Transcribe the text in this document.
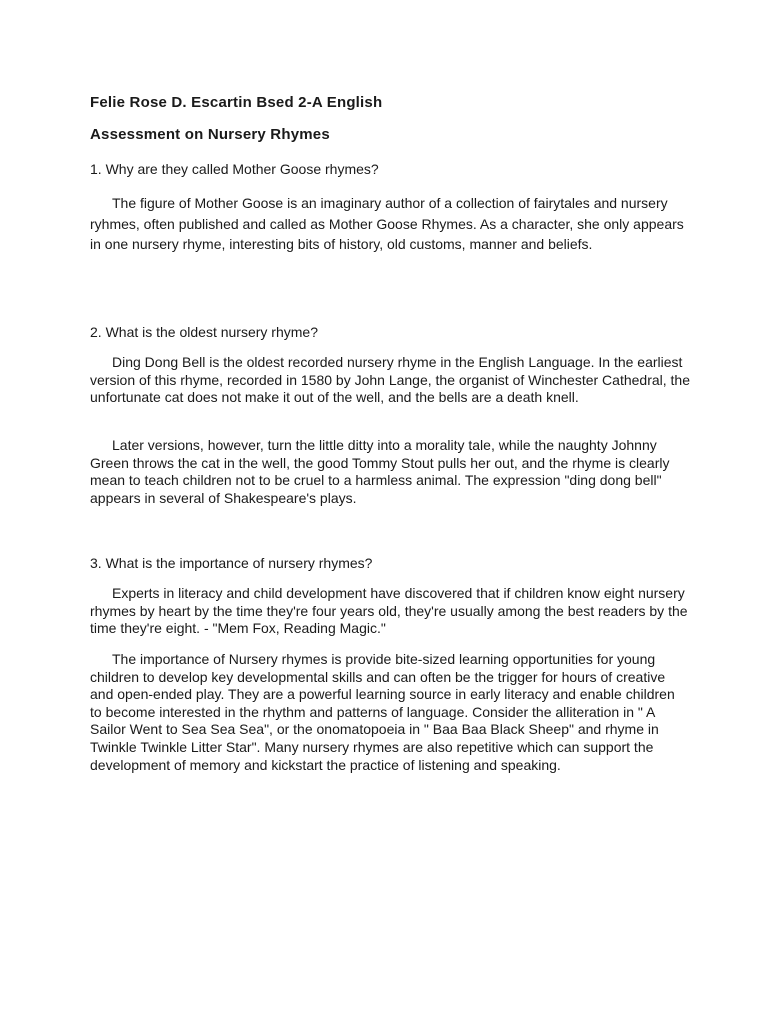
Felie Rose D. Escartin Bsed 2-A English

Assessment on Nursery Rhymes

1. Why are they called Mother Goose rhymes?

The figure of Mother Goose is an imaginary author of a collection of fairytales and nursery ryhmes, often published and called as Mother Goose Rhymes. As a character, she only appears in one nursery rhyme, interesting bits of history, old customs, manner and beliefs.

2. What is the oldest nursery rhyme?

Ding Dong Bell is the oldest recorded nursery rhyme in the English Language. In the earliest version of this rhyme, recorded in 1580 by John Lange, the organist of Winchester Cathedral, the unfortunate cat does not make it out of the well, and the bells are a death knell.

Later versions, however, turn the little ditty into a morality tale, while the naughty Johnny Green throws the cat in the well, the good Tommy Stout pulls her out, and the rhyme is clearly mean to teach children not to be cruel to a harmless animal. The expression "ding dong bell" appears in several of Shakespeare's plays.

3. What is the importance of nursery rhymes?

Experts in literacy and child development have discovered that if children know eight nursery rhymes by heart by the time they're four years old, they're usually among the best readers by the time they're eight. - "Mem Fox, Reading Magic."

The importance of Nursery rhymes is provide bite-sized learning opportunities for young children to develop key developmental skills and can often be the trigger for hours of creative and open-ended play. They are a powerful learning source in early literacy and enable children to become interested in the rhythm and patterns of language. Consider the alliteration in " A Sailor Went to Sea Sea Sea", or the onomatopoeia in " Baa Baa Black Sheep" and rhyme in Twinkle Twinkle Litter Star". Many nursery rhymes are also repetitive which can support the development of memory and kickstart the practice of listening and speaking.
